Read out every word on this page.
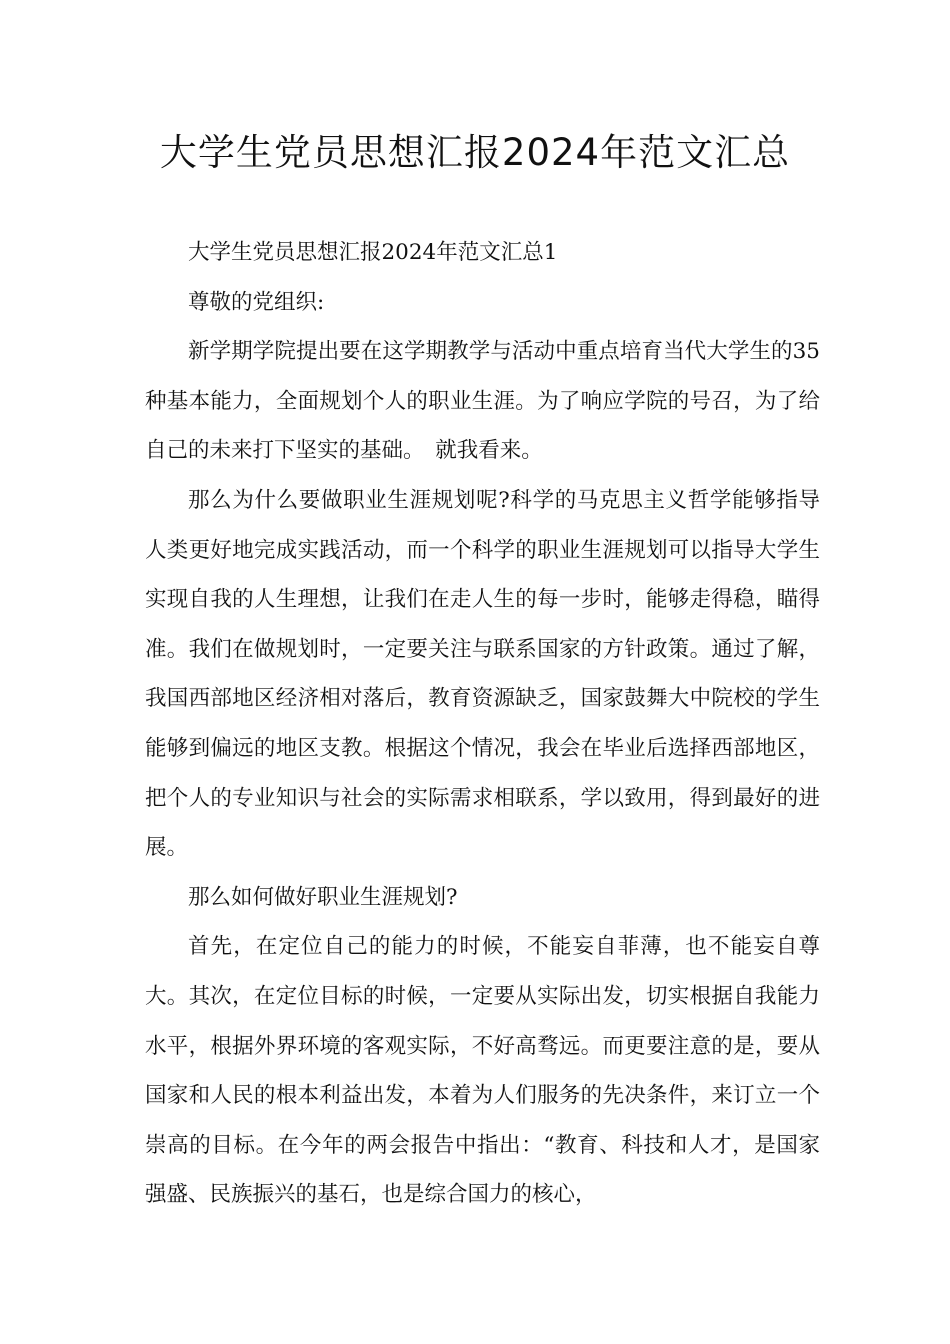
大学生党员思想汇报2024年范文汇总

大学生党员思想汇报2024年范文汇总1

尊敬的党组织:

新学期学院提出要在这学期教学与活动中重点培育当代大学生的35种基本能力，全面规划个人的职业生涯。为了响应学院的号召，为了给自己的未来打下坚实的基础。　就我看来。

那么为什么要做职业生涯规划呢?科学的马克思主义哲学能够指导人类更好地完成实践活动，而一个科学的职业生涯规划可以指导大学生实现自我的人生理想，让我们在走人生的每一步时，能够走得稳，瞄得准。我们在做规划时，一定要关注与联系国家的方针政策。通过了解，我国西部地区经济相对落后，教育资源缺乏，国家鼓舞大中院校的学生能够到偏远的地区支教。根据这个情况，我会在毕业后选择西部地区，把个人的专业知识与社会的实际需求相联系，学以致用，得到最好的进展。

那么如何做好职业生涯规划?

首先，在定位自己的能力的时候，不能妄自菲薄，也不能妄自尊大。其次，在定位目标的时候，一定要从实际出发，切实根据自我能力水平，根据外界环境的客观实际，不好高骛远。而更要注意的是，要从国家和人民的根本利益出发，本着为人们服务的先决条件，来订立一个崇高的目标。在今年的两会报告中指出：“教育、科技和人才，是国家强盛、民族振兴的基石，也是综合国力的核心，
